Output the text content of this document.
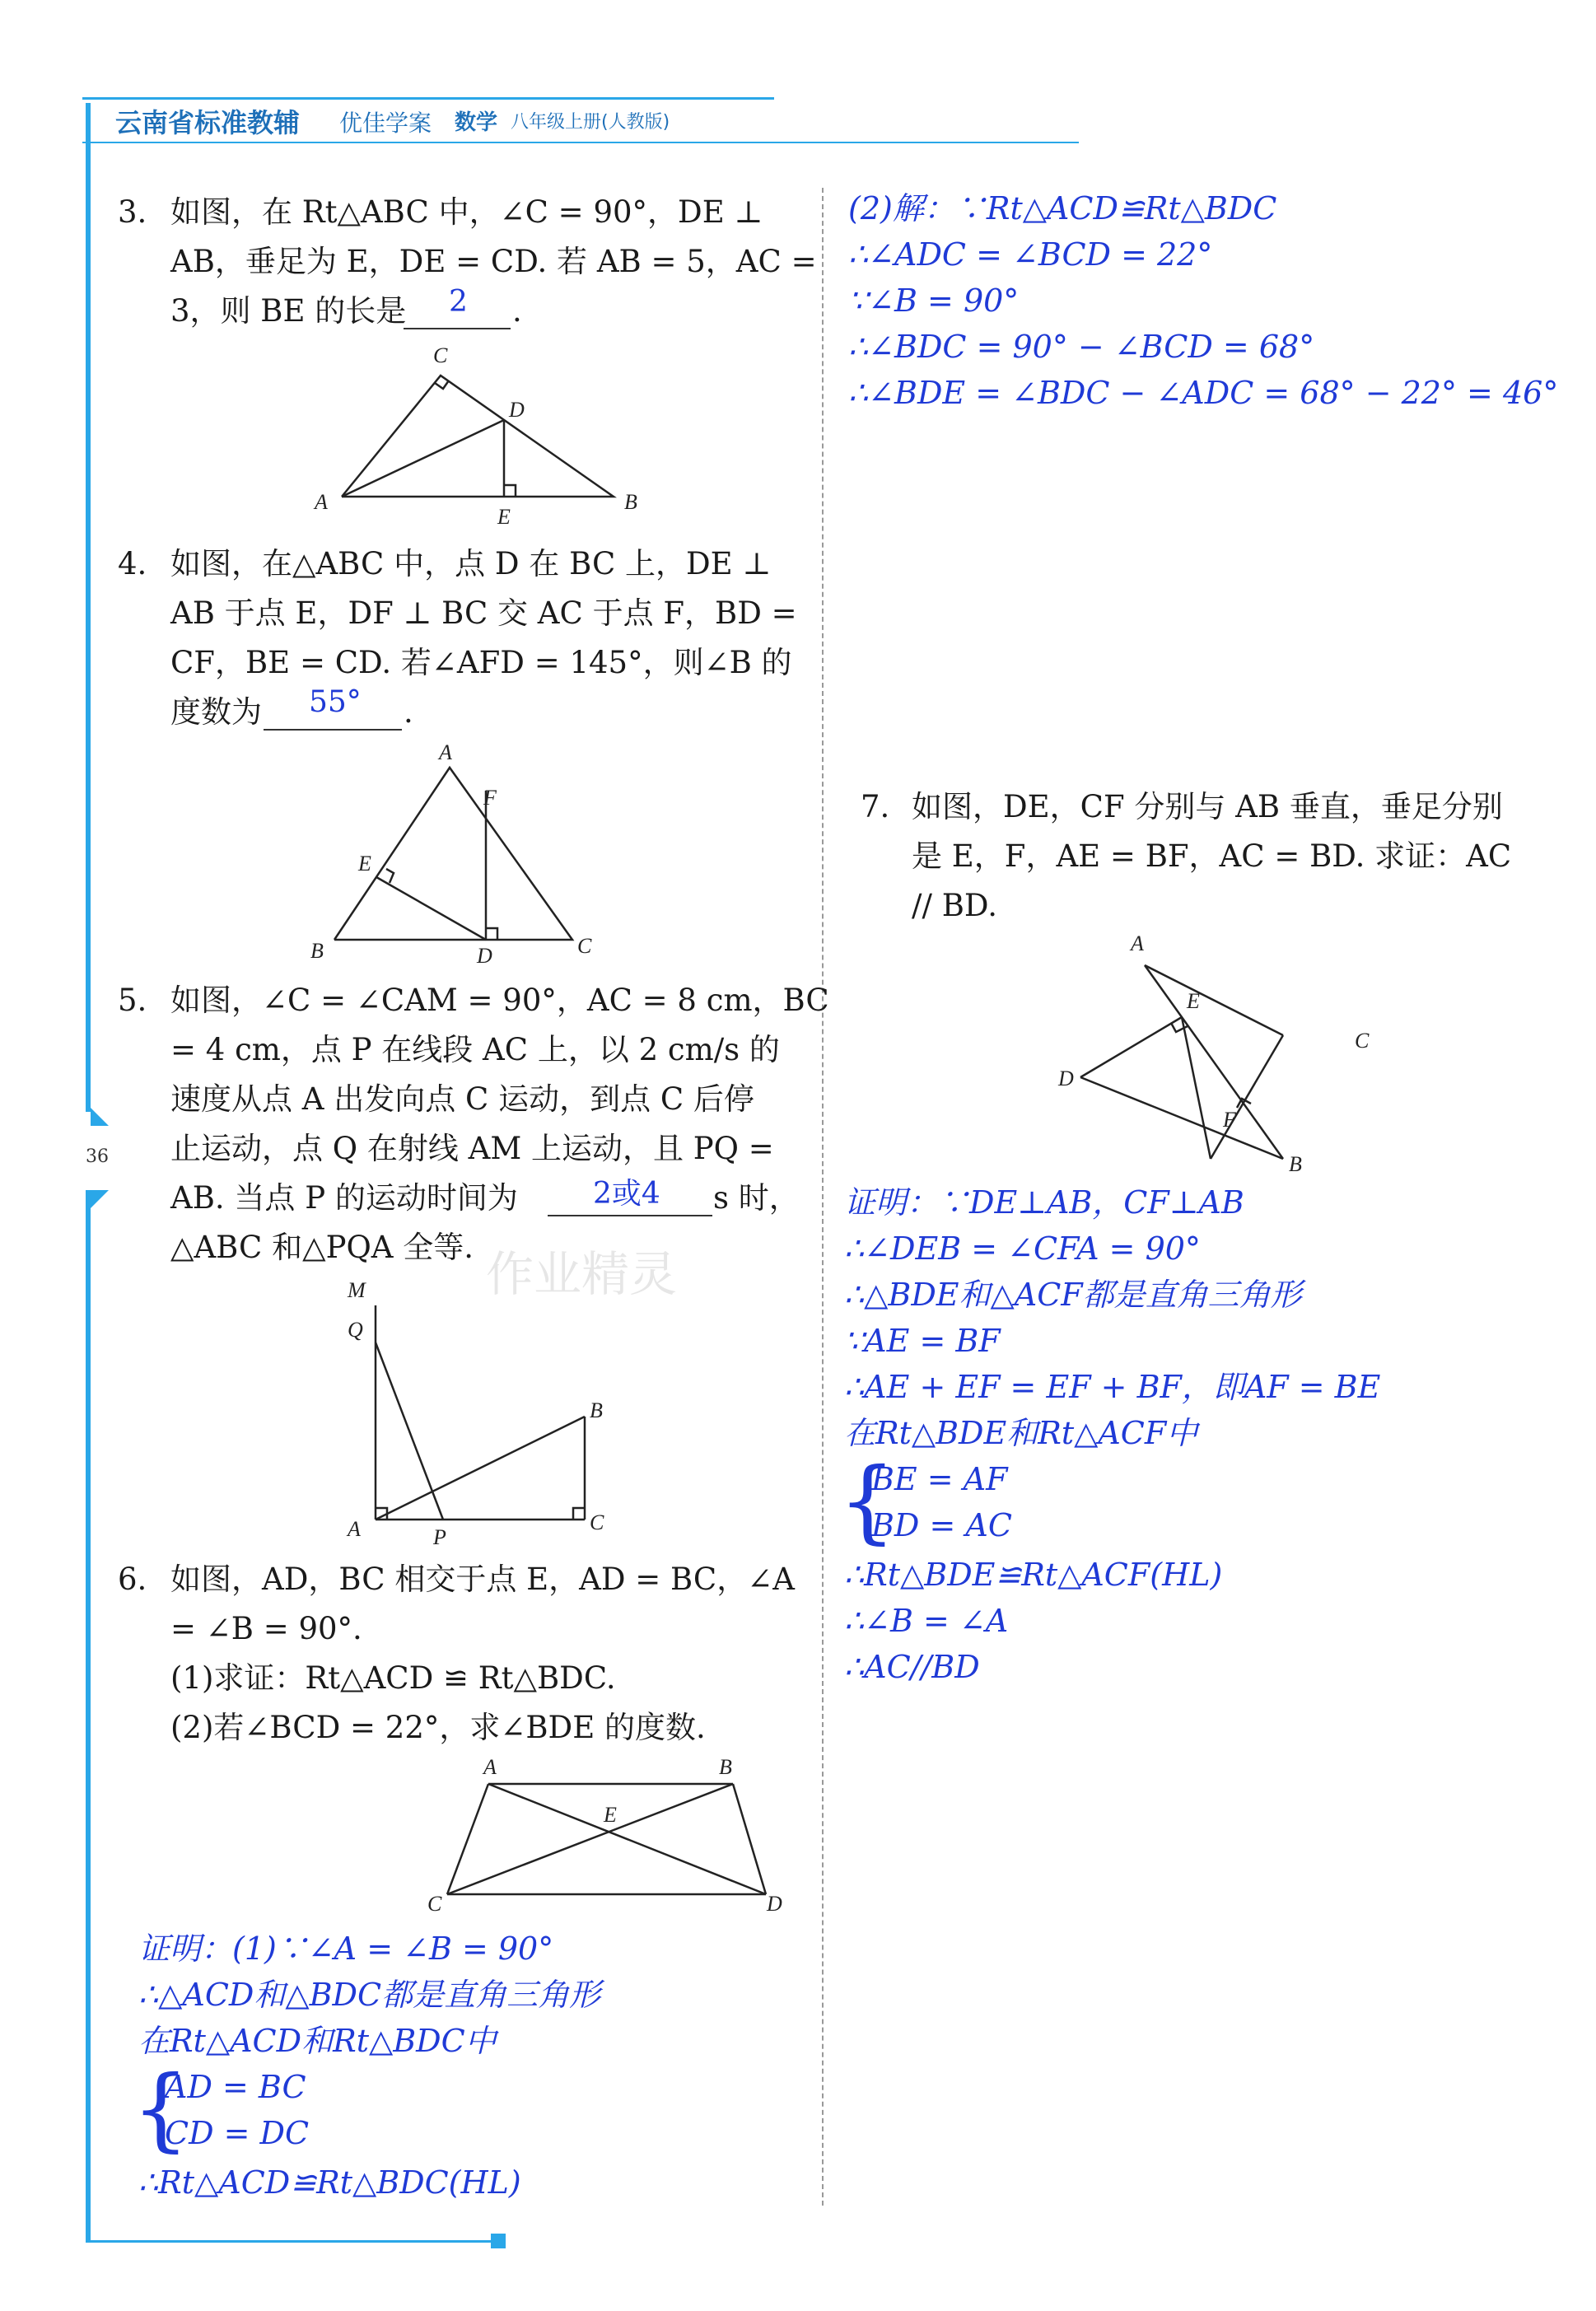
云南省标准教辅 优佳学案 数学 八年级上册(人教版)
36
3. 如图，在 Rt△ABC 中，∠C = 90°，DE ⊥
AB，垂足为 E，DE = CD. 若 AB = 5，AC =
3，则 BE 的长是 2 .
C
D
A
E
B
4. 如图，在△ABC 中，点 D 在 BC 上，DE ⊥
AB 于点 E，DF ⊥ BC 交 AC 于点 F，BD =
CF，BE = CD. 若∠AFD = 145°，则∠B 的
度数为 55° .
A
F
E
B	D	C
5. 如图，∠C = ∠CAM = 90°，AC = 8 cm，BC
= 4 cm，点 P 在线段 AC 上，以 2 cm/s 的
速度从点 A 出发向点 C 运动，到点 C 后停
止运动，点 Q 在射线 AM 上运动，且 PQ =
AB. 当点 P 的运动时间为	2或4 s 时，
△ABC 和△PQA 全等.
M
Q
B
A	P
C
作业精灵
6. 如图，AD，BC 相交于点 E，AD = BC，∠A
= ∠B = 90°.
(1)求证：Rt△ACD ≌ Rt△BDC.
(2)若∠BCD = 22°，求∠BDE 的度数.
A	B
E
C	D
证明：(1)∵∠A = ∠B = 90°
∴△ACD和△BDC都是直角三角形
在Rt△ACD和Rt△BDC中
{
AD = BC
CD = DC
∴Rt△ACD≌Rt△BDC(HL)
(2)解：∵Rt△ACD≌Rt△BDC
∴∠ADC = ∠BCD = 22°
∵∠B = 90°
∴∠BDC = 90° − ∠BCD = 68°
∴∠BDE = ∠BDC − ∠ADC = 68° − 22° = 46°
7. 如图，DE，CF 分别与 AB 垂直，垂足分别
是 E，F，AE = BF，AC = BD. 求证：AC
// BD.
A
E
C
D
F
B
证明：∵DE⊥AB，CF⊥AB
∴∠DEB = ∠CFA = 90°
∴△BDE和△ACF都是直角三角形
∵AE = BF
∴AE + EF = EF + BF，即AF = BE
在Rt△BDE和Rt△ACF中
{
BE = AF
BD = AC
∴Rt△BDE≌Rt△ACF(HL)
∴∠B = ∠A
∴AC//BD
